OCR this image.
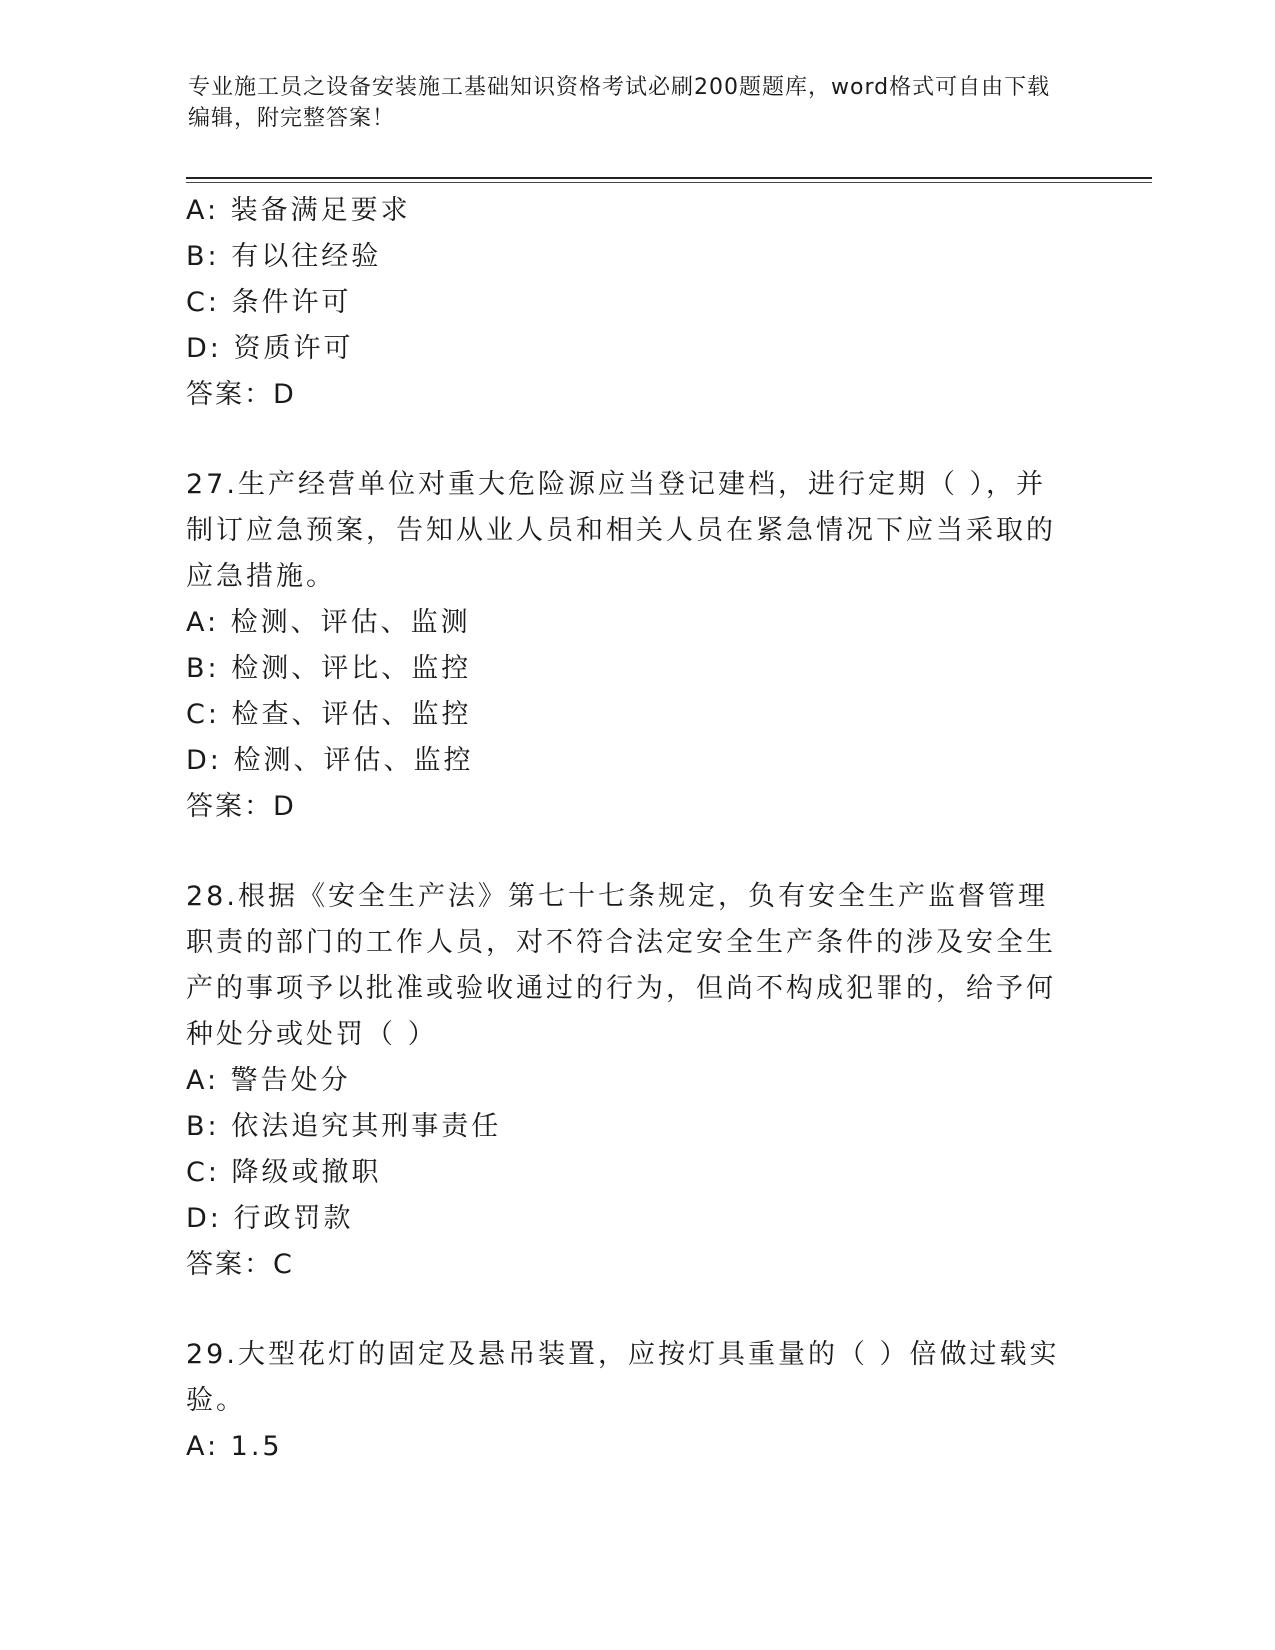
专业施工员之设备安装施工基础知识资格考试必刷200题题库，word格式可自由下载编辑，附完整答案！
A: 装备满足要求
B: 有以往经验
C: 条件许可
D: 资质许可
答案：D
27.生产经营单位对重大危险源应当登记建档，进行定期（ ），并制订应急预案，告知从业人员和相关人员在紧急情况下应当采取的应急措施。
A: 检测、评估、监测
B: 检测、评比、监控
C: 检查、评估、监控
D: 检测、评估、监控
答案：D
28.根据《安全生产法》第七十七条规定，负有安全生产监督管理职责的部门的工作人员，对不符合法定安全生产条件的涉及安全生产的事项予以批准或验收通过的行为，但尚不构成犯罪的，给予何种处分或处罚（ ）
A: 警告处分
B: 依法追究其刑事责任
C: 降级或撤职
D: 行政罚款
答案：C
29.大型花灯的固定及悬吊装置，应按灯具重量的（ ）倍做过载实验。
A: 1.5
